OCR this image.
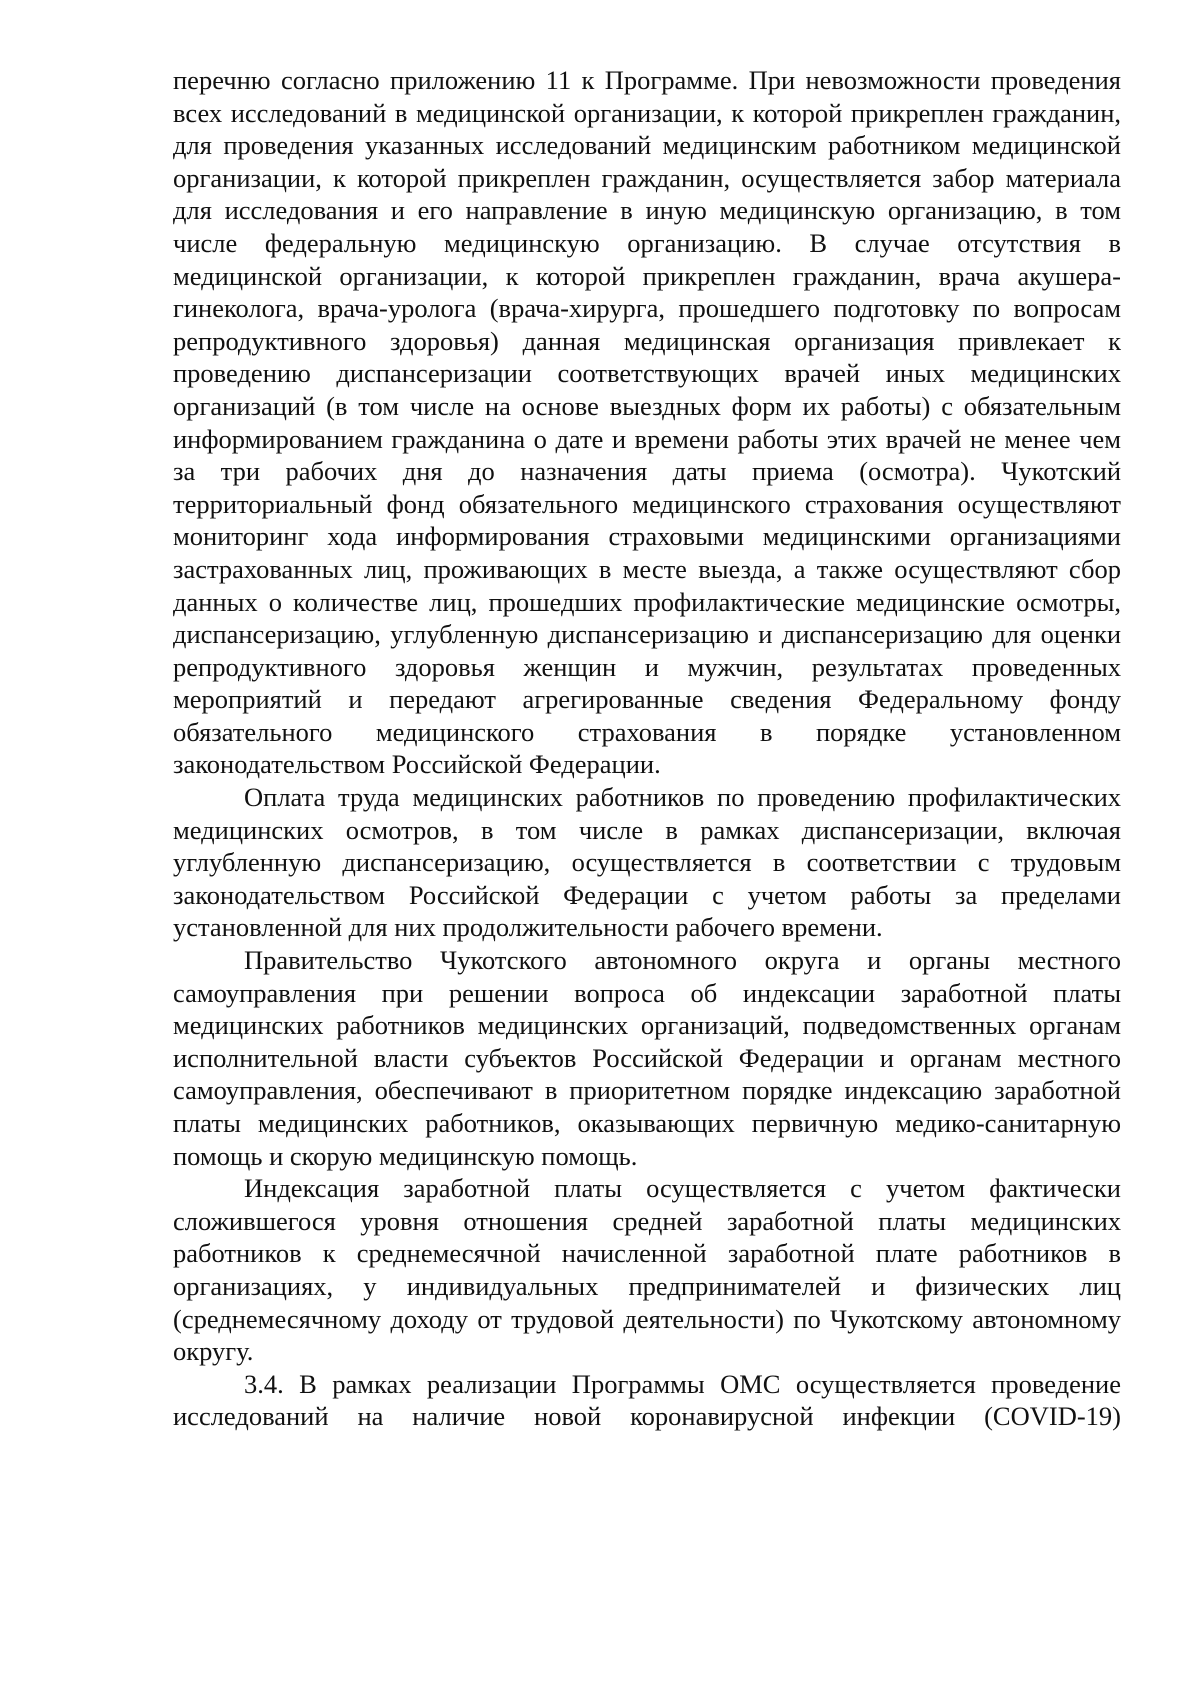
перечню согласно приложению 11 к Программе. При невозможности проведения всех исследований в медицинской организации, к которой прикреплен гражданин, для проведения указанных исследований медицинским работником медицинской организации, к которой прикреплен гражданин, осуществляется забор материала для исследования и его направление в иную медицинскую организацию, в том числе федеральную медицинскую организацию. В случае отсутствия в медицинской организации, к которой прикреплен гражданин, врача акушера-гинеколога, врача-уролога (врача-хирурга, прошедшего подготовку по вопросам репродуктивного здоровья) данная медицинская организация привлекает к проведению диспансеризации соответствующих врачей иных медицинских организаций (в том числе на основе выездных форм их работы) с обязательным информированием гражданина о дате и времени работы этих врачей не менее чем за три рабочих дня до назначения даты приема (осмотра). Чукотский территориальный фонд обязательного медицинского страхования осуществляют мониторинг хода информирования страховыми медицинскими организациями застрахованных лиц, проживающих в месте выезда, а также осуществляют сбор данных о количестве лиц, прошедших профилактические медицинские осмотры, диспансеризацию, углубленную диспансеризацию и диспансеризацию для оценки репродуктивного здоровья женщин и мужчин, результатах проведенных мероприятий и передают агрегированные сведения Федеральному фонду обязательного медицинского страхования в порядке установленном законодательством Российской Федерации.

Оплата труда медицинских работников по проведению профилактических медицинских осмотров, в том числе в рамках диспансеризации, включая углубленную диспансеризацию, осуществляется в соответствии с трудовым законодательством Российской Федерации с учетом работы за пределами установленной для них продолжительности рабочего времени.

Правительство Чукотского автономного округа и органы местного самоуправления при решении вопроса об индексации заработной платы медицинских работников медицинских организаций, подведомственных органам исполнительной власти субъектов Российской Федерации и органам местного самоуправления, обеспечивают в приоритетном порядке индексацию заработной платы медицинских работников, оказывающих первичную медико-санитарную помощь и скорую медицинскую помощь.

Индексация заработной платы осуществляется с учетом фактически сложившегося уровня отношения средней заработной платы медицинских работников к среднемесячной начисленной заработной плате работников в организациях, у индивидуальных предпринимателей и физических лиц (среднемесячному доходу от трудовой деятельности) по Чукотскому автономному округу.

3.4. В рамках реализации Программы ОМС осуществляется проведение исследований на наличие новой коронавирусной инфекции (COVID-19)
